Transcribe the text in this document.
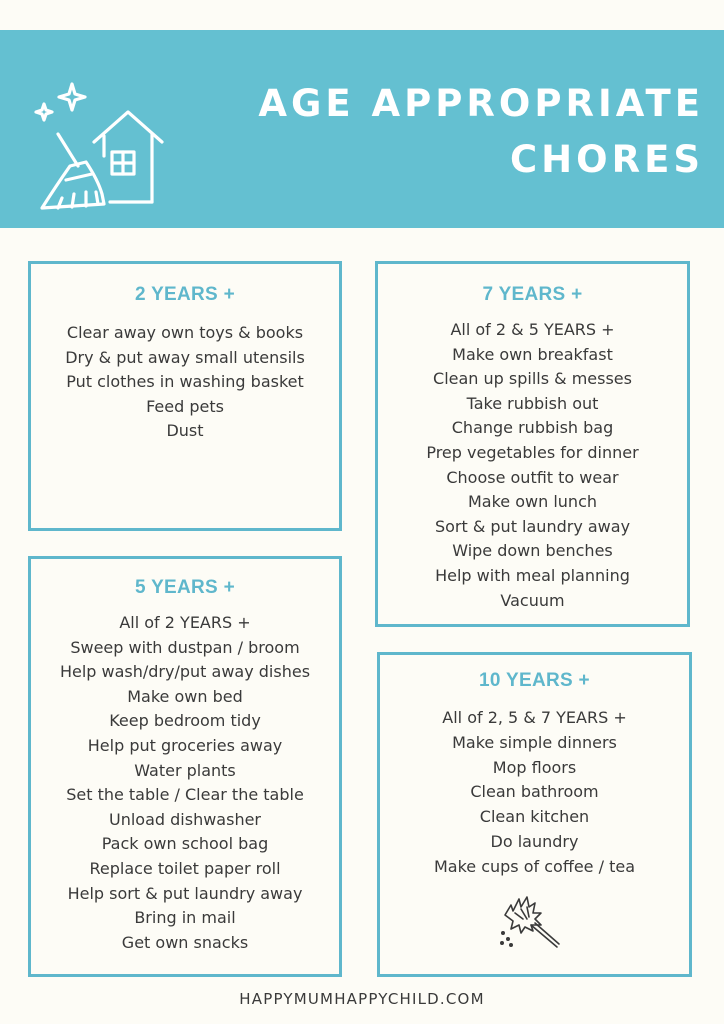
AGE APPROPRIATE
CHORES
2 YEARS +
Clear away own toys & books
Dry & put away small utensils
Put clothes in washing basket
Feed pets
Dust
7 YEARS +
All of 2 & 5 YEARS +
Make own breakfast
Clean up spills & messes
Take rubbish out
Change rubbish bag
Prep vegetables for dinner
Choose outfit to wear
Make own lunch
Sort & put laundry away
Wipe down benches
Help with meal planning
Vacuum
5 YEARS +
All of 2 YEARS +
Sweep with dustpan / broom
Help wash/dry/put away dishes
Make own bed
Keep bedroom tidy
Help put groceries away
Water plants
Set the table / Clear the table
Unload dishwasher
Pack own school bag
Replace toilet paper roll
Help sort & put laundry away
Bring in mail
Get own snacks
10 YEARS +
All of 2, 5 & 7 YEARS +
Make simple dinners
Mop floors
Clean bathroom
Clean kitchen
Do laundry
Make cups of coffee / tea
HAPPYMUMHAPPYCHILD.COM
